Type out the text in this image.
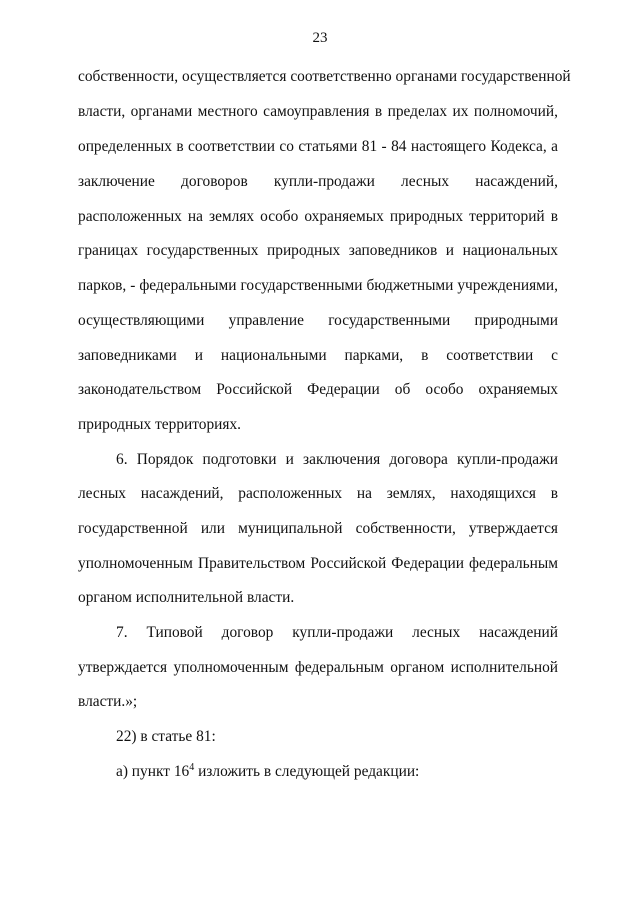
23
собственности, осуществляется соответственно органами государственной
власти, органами местного самоуправления в пределах их полномочий,
определенных в соответствии со статьями 81 - 84 настоящего Кодекса, а
заключение договоров купли-продажи лесных насаждений,
расположенных на землях особо охраняемых природных территорий в
границах государственных природных заповедников и национальных
парков, - федеральными государственными бюджетными учреждениями,
осуществляющими управление государственными природными
заповедниками и национальными парками, в соответствии с
законодательством Российской Федерации об особо охраняемых
природных территориях.
6. Порядок подготовки и заключения договора купли-продажи
лесных насаждений, расположенных на землях, находящихся в
государственной или муниципальной собственности, утверждается
уполномоченным Правительством Российской Федерации федеральным
органом исполнительной власти.
7. Типовой договор купли-продажи лесных насаждений
утверждается уполномоченным федеральным органом исполнительной
власти.»;
22) в статье 81:
а) пункт $16^4$ изложить в следующей редакции:
